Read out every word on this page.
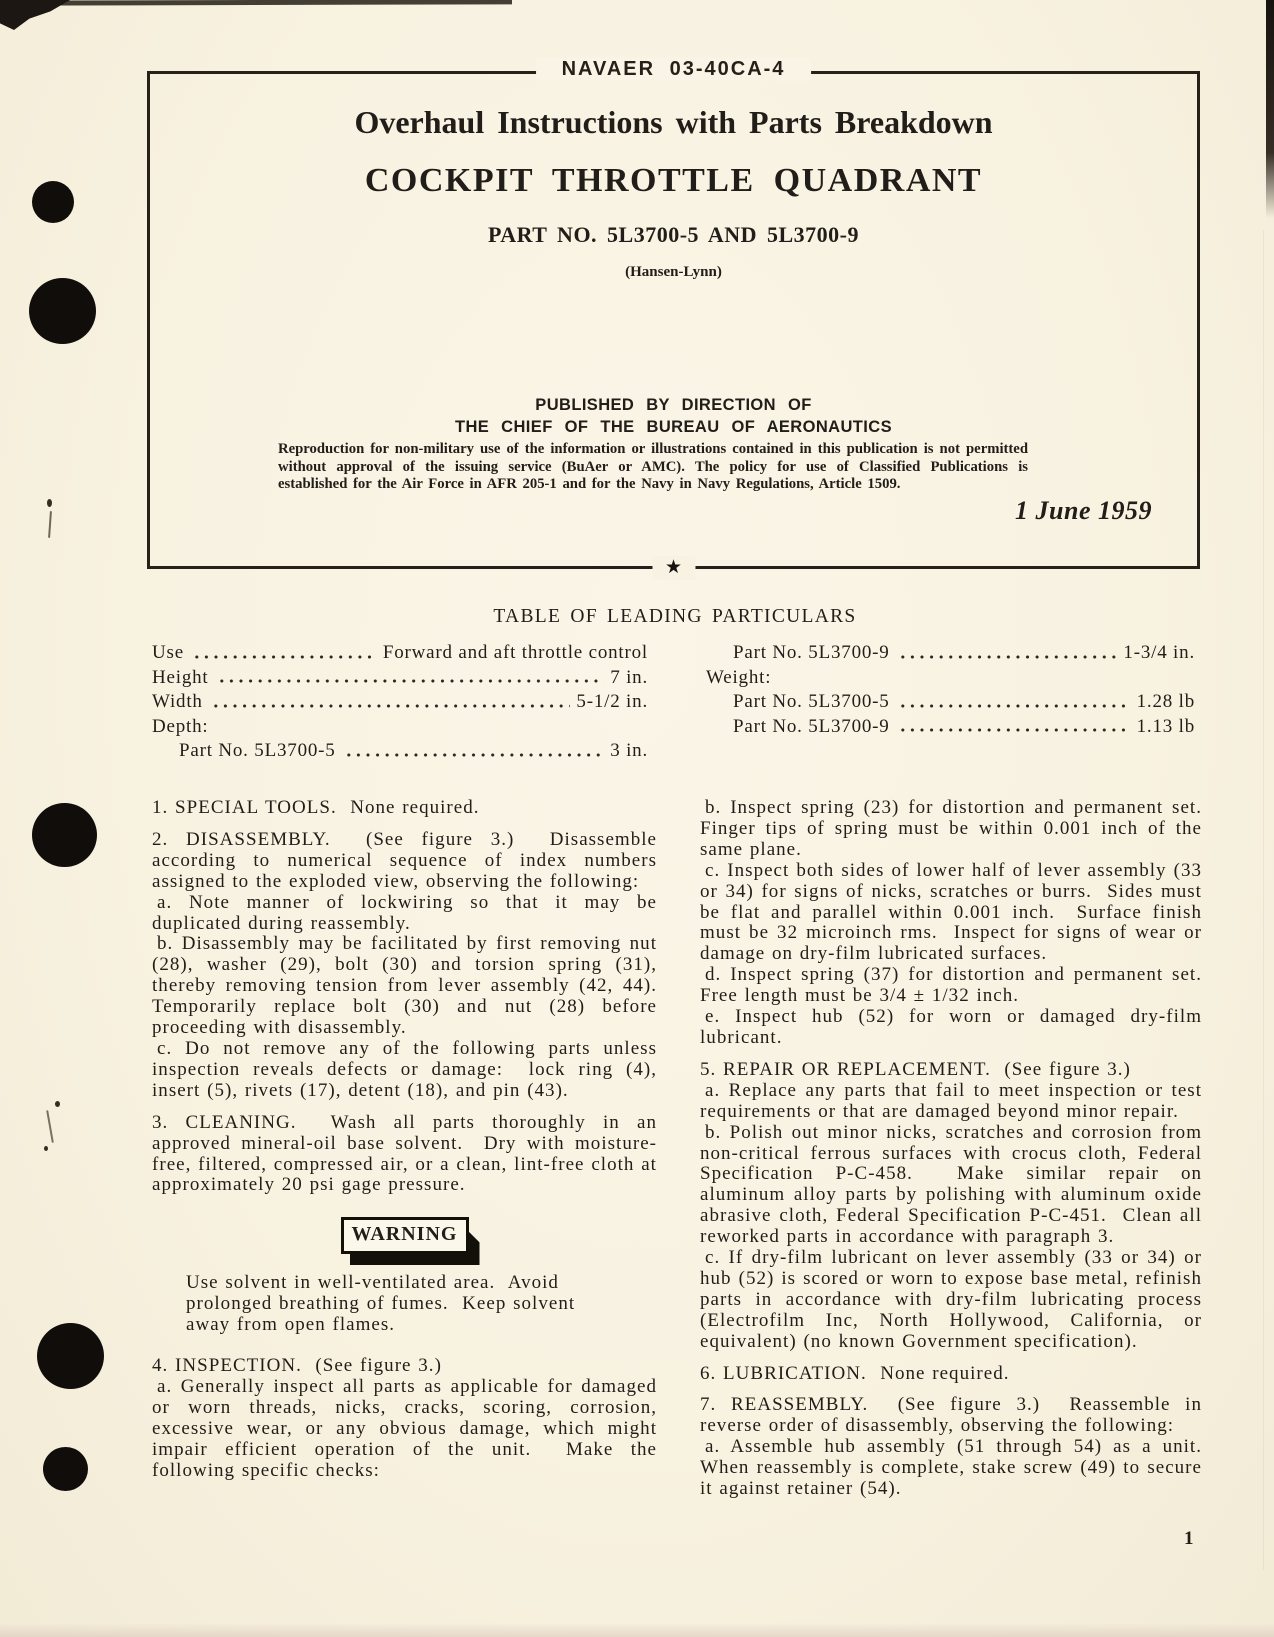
NAVAER 03-40CA-4
Overhaul Instructions with Parts Breakdown
COCKPIT THROTTLE QUADRANT
PART NO. 5L3700-5 AND 5L3700-9
(Hansen-Lynn)
PUBLISHED BY DIRECTION OF
THE CHIEF OF THE BUREAU OF AERONAUTICS
Reproduction for non-military use of the information or illustrations contained in this publication is not permitted without approval of the issuing service (BuAer or AMC). The policy for use of Classified Publications is established for the Air Force in AFR 205-1 and for the Navy in Navy Regulations, Article 1509.
1 June 1959
★
TABLE OF LEADING PARTICULARS
Use	Forward and aft throttle control
Height	7 in.
Width	5-1/2 in.
Depth:
Part No. 5L3700-5	3 in.
Part No. 5L3700-9	1-3/4 in.
Weight:
Part No. 5L3700-5	1.28 lb
Part No. 5L3700-9	1.13 lb

1. SPECIAL TOOLS.  None required.

2. DISASSEMBLY.  (See figure 3.)  Disassemble according to numerical sequence of index numbers assigned to the exploded view, observing the following:

a. Note manner of lockwiring so that it may be duplicated during reassembly.

b. Disassembly may be facilitated by first removing nut (28), washer (29), bolt (30) and torsion spring (31), thereby removing tension from lever assembly (42, 44).  Temporarily replace bolt (30) and nut (28) before proceeding with disassembly.

c. Do not remove any of the following parts unless inspection reveals defects or damage:  lock ring (4), insert (5), rivets (17), detent (18), and pin (43).

3. CLEANING.  Wash all parts thoroughly in an approved mineral-oil base solvent.  Dry with moisture-free, filtered, compressed air, or a clean, lint-free cloth at approximately 20 psi gage pressure.

WARNING

Use solvent in well-ventilated area.  Avoid prolonged breathing of fumes.  Keep solvent away from open flames.

4. INSPECTION.  (See figure 3.)

a. Generally inspect all parts as applicable for damaged or worn threads, nicks, cracks, scoring, corrosion, excessive wear, or any obvious damage, which might impair efficient operation of the unit.  Make the following specific checks:

b. Inspect spring (23) for distortion and permanent set.  Finger tips of spring must be within 0.001 inch of the same plane.

c. Inspect both sides of lower half of lever assembly (33 or 34) for signs of nicks, scratches or burrs.  Sides must be flat and parallel within 0.001 inch.  Surface finish must be 32 microinch rms.  Inspect for signs of wear or damage on dry-film lubricated surfaces.

d. Inspect spring (37) for distortion and permanent set.  Free length must be 3/4 ± 1/32 inch.

e. Inspect hub (52) for worn or damaged dry-film lubricant.

5. REPAIR OR REPLACEMENT.  (See figure 3.)

a. Replace any parts that fail to meet inspection or test requirements or that are damaged beyond minor repair.

b. Polish out minor nicks, scratches and corrosion from non-critical ferrous surfaces with crocus cloth, Federal Specification P-C-458.  Make similar repair on aluminum alloy parts by polishing with aluminum oxide abrasive cloth, Federal Specification P-C-451.  Clean all reworked parts in accordance with paragraph 3.

c. If dry-film lubricant on lever assembly (33 or 34) or hub (52) is scored or worn to expose base metal, refinish parts in accordance with dry-film lubricating process (Electrofilm Inc, North Hollywood, California, or equivalent) (no known Government specification).

6. LUBRICATION.  None required.

7. REASSEMBLY.  (See figure 3.)  Reassemble in reverse order of disassembly, observing the following:

a. Assemble hub assembly (51 through 54) as a unit.  When reassembly is complete, stake screw (49) to secure it against retainer (54).

1
